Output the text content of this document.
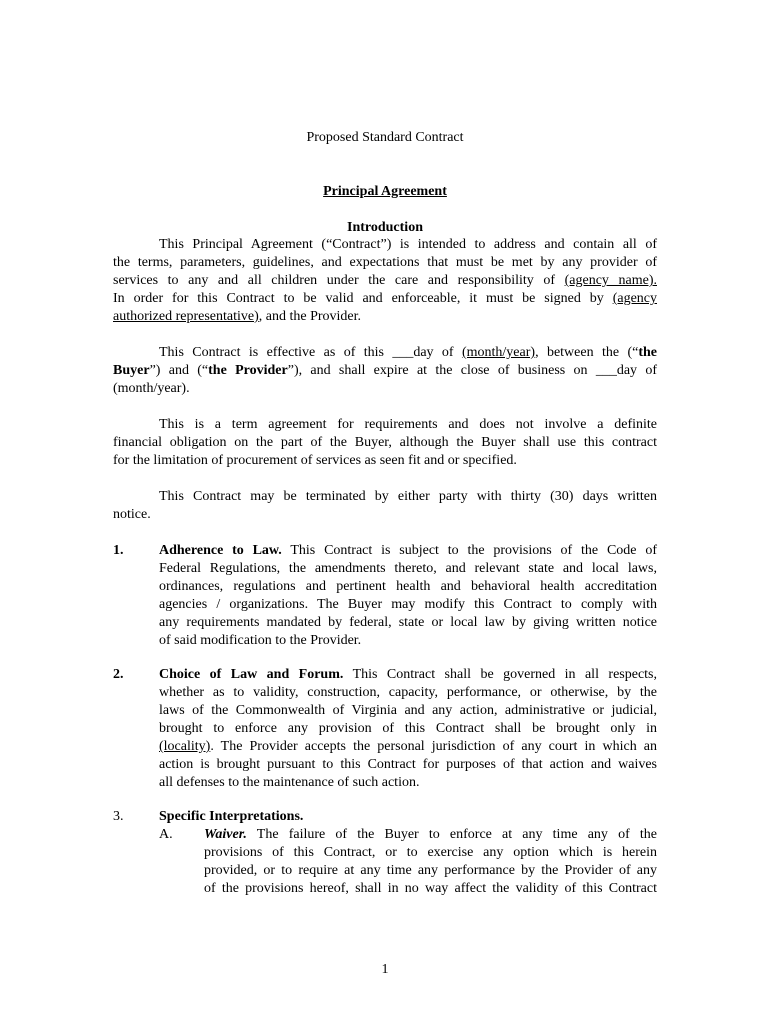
Proposed Standard Contract
Principal Agreement
Introduction
This Principal Agreement (“Contract”) is intended to address and contain all of
the terms, parameters, guidelines, and expectations that must be met by any provider of
services to any and all children under the care and responsibility of (agency name).
In order for this Contract to be valid and enforceable, it must be signed by (agency
authorized representative), and the Provider.
This Contract is effective as of this ___day of (month/year), between the (“the
Buyer”) and (“the Provider”), and shall expire at the close of business on ___day of
(month/year).
This is a term agreement for requirements and does not involve a definite
financial obligation on the part of the Buyer, although the Buyer shall use this contract
for the limitation of procurement of services as seen fit and or specified.
This Contract may be terminated by either party with thirty (30) days written
notice.
1.	Adherence to Law. This Contract is subject to the provisions of the Code of
Federal Regulations, the amendments thereto, and relevant state and local laws,
ordinances, regulations and pertinent health and behavioral health accreditation
agencies / organizations. The Buyer may modify this Contract to comply with
any requirements mandated by federal, state or local law by giving written notice
of said modification to the Provider.
2.	Choice of Law and Forum. This Contract shall be governed in all respects,
whether as to validity, construction, capacity, performance, or otherwise, by the
laws of the Commonwealth of Virginia and any action, administrative or judicial,
brought to enforce any provision of this Contract shall be brought only in
(locality). The Provider accepts the personal jurisdiction of any court in which an
action is brought pursuant to this Contract for purposes of that action and waives
all defenses to the maintenance of such action.
3.	Specific Interpretations.
A. Waiver. The failure of the Buyer to enforce at any time any of the
provisions of this Contract, or to exercise any option which is herein
provided, or to require at any time any performance by the Provider of any
of the provisions hereof, shall in no way affect the validity of this Contract
1
